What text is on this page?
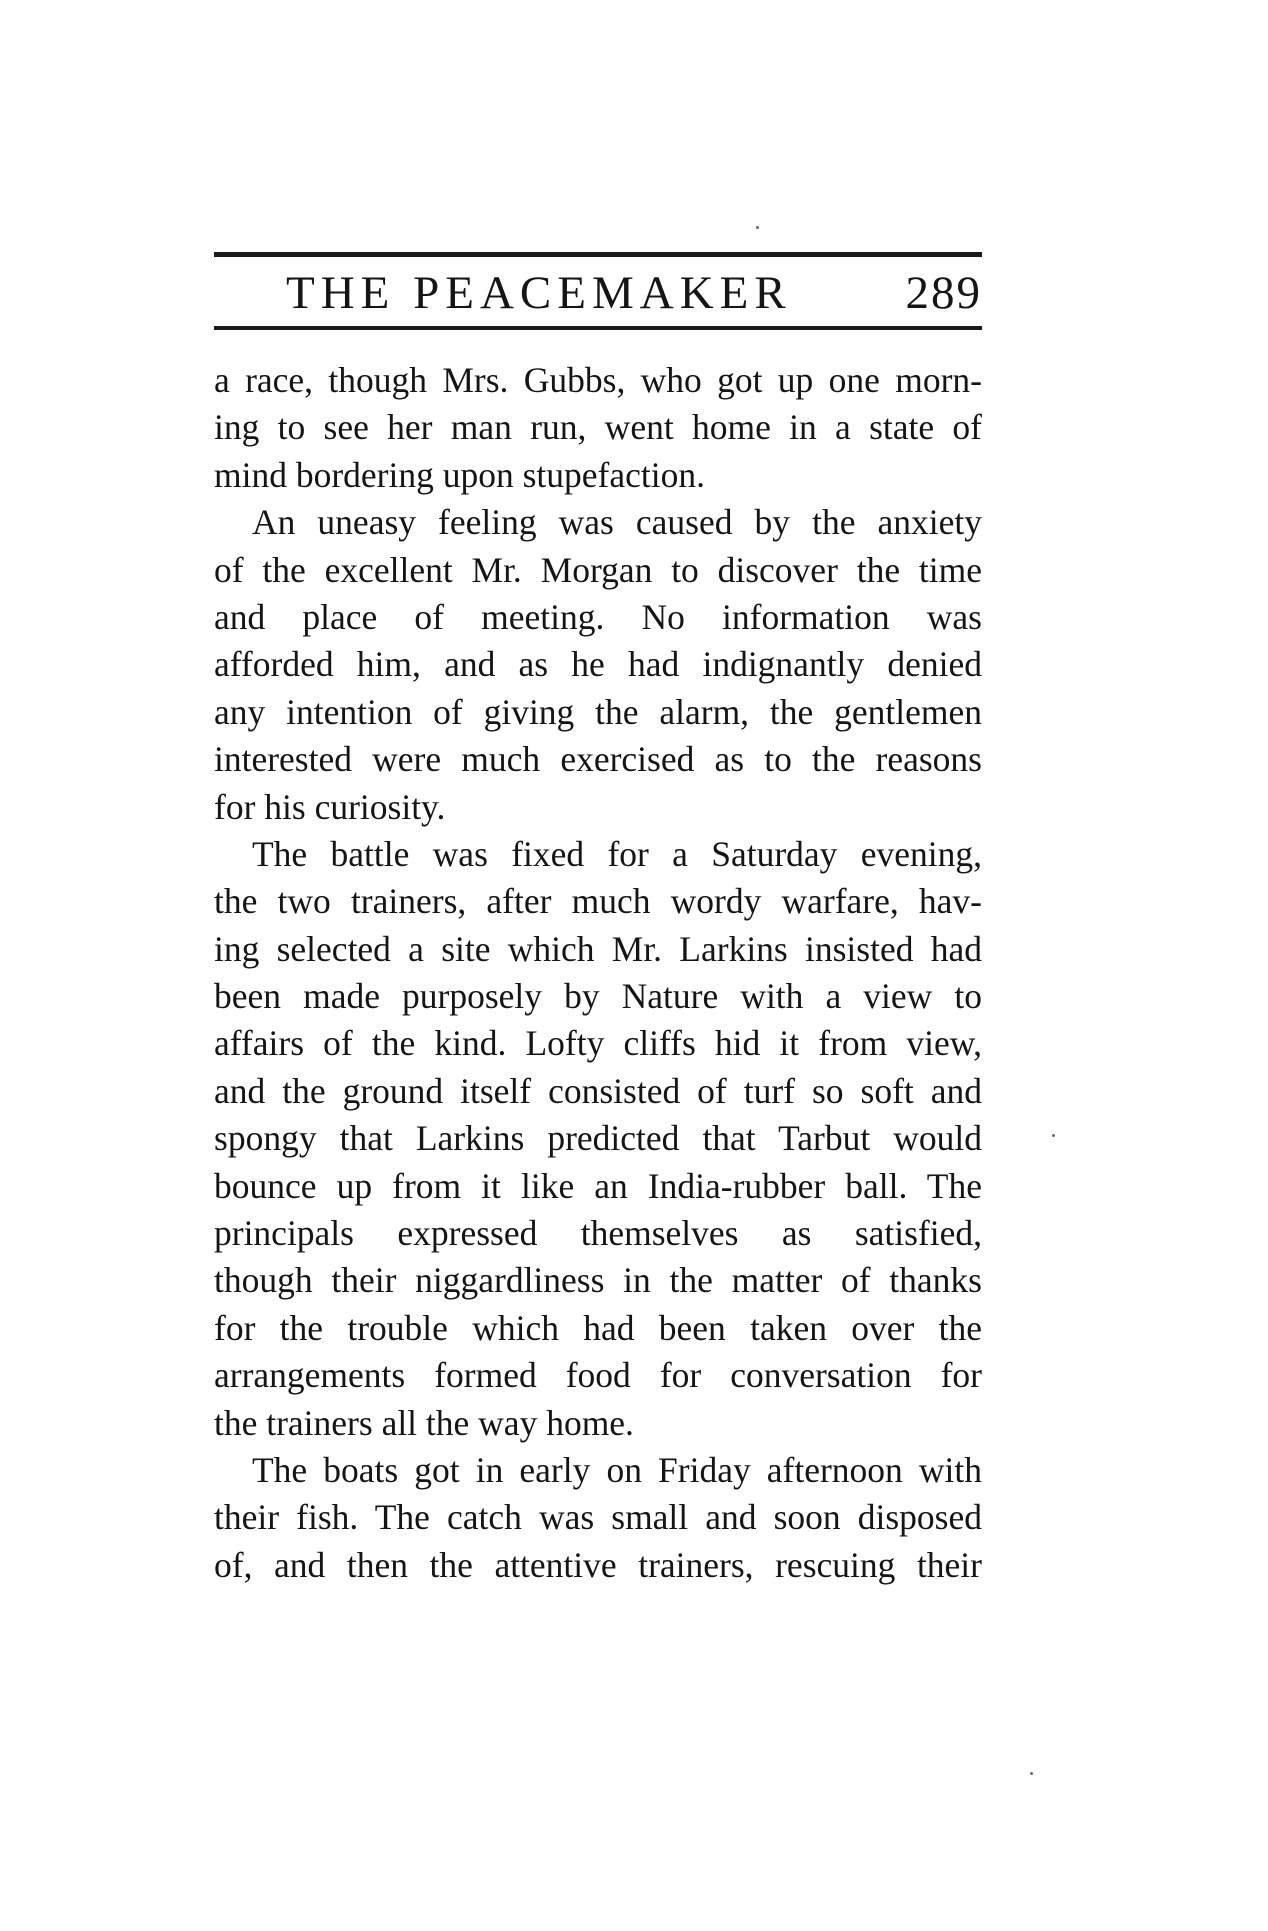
THE PEACEMAKER 289
a race, though Mrs. Gubbs, who got up one morn-
ing to see her man run, went home in a state of
mind bordering upon stupefaction.
An uneasy feeling was caused by the anxiety
of the excellent Mr. Morgan to discover the time
and place of meeting. No information was
afforded him, and as he had indignantly denied
any intention of giving the alarm, the gentlemen
interested were much exercised as to the reasons
for his curiosity.
The battle was fixed for a Saturday evening,
the two trainers, after much wordy warfare, hav-
ing selected a site which Mr. Larkins insisted had
been made purposely by Nature with a view to
affairs of the kind. Lofty cliffs hid it from view,
and the ground itself consisted of turf so soft and
spongy that Larkins predicted that Tarbut would
bounce up from it like an India-rubber ball. The
principals expressed themselves as satisfied,
though their niggardliness in the matter of thanks
for the trouble which had been taken over the
arrangements formed food for conversation for
the trainers all the way home.
The boats got in early on Friday afternoon with
their fish. The catch was small and soon disposed
of, and then the attentive trainers, rescuing their
